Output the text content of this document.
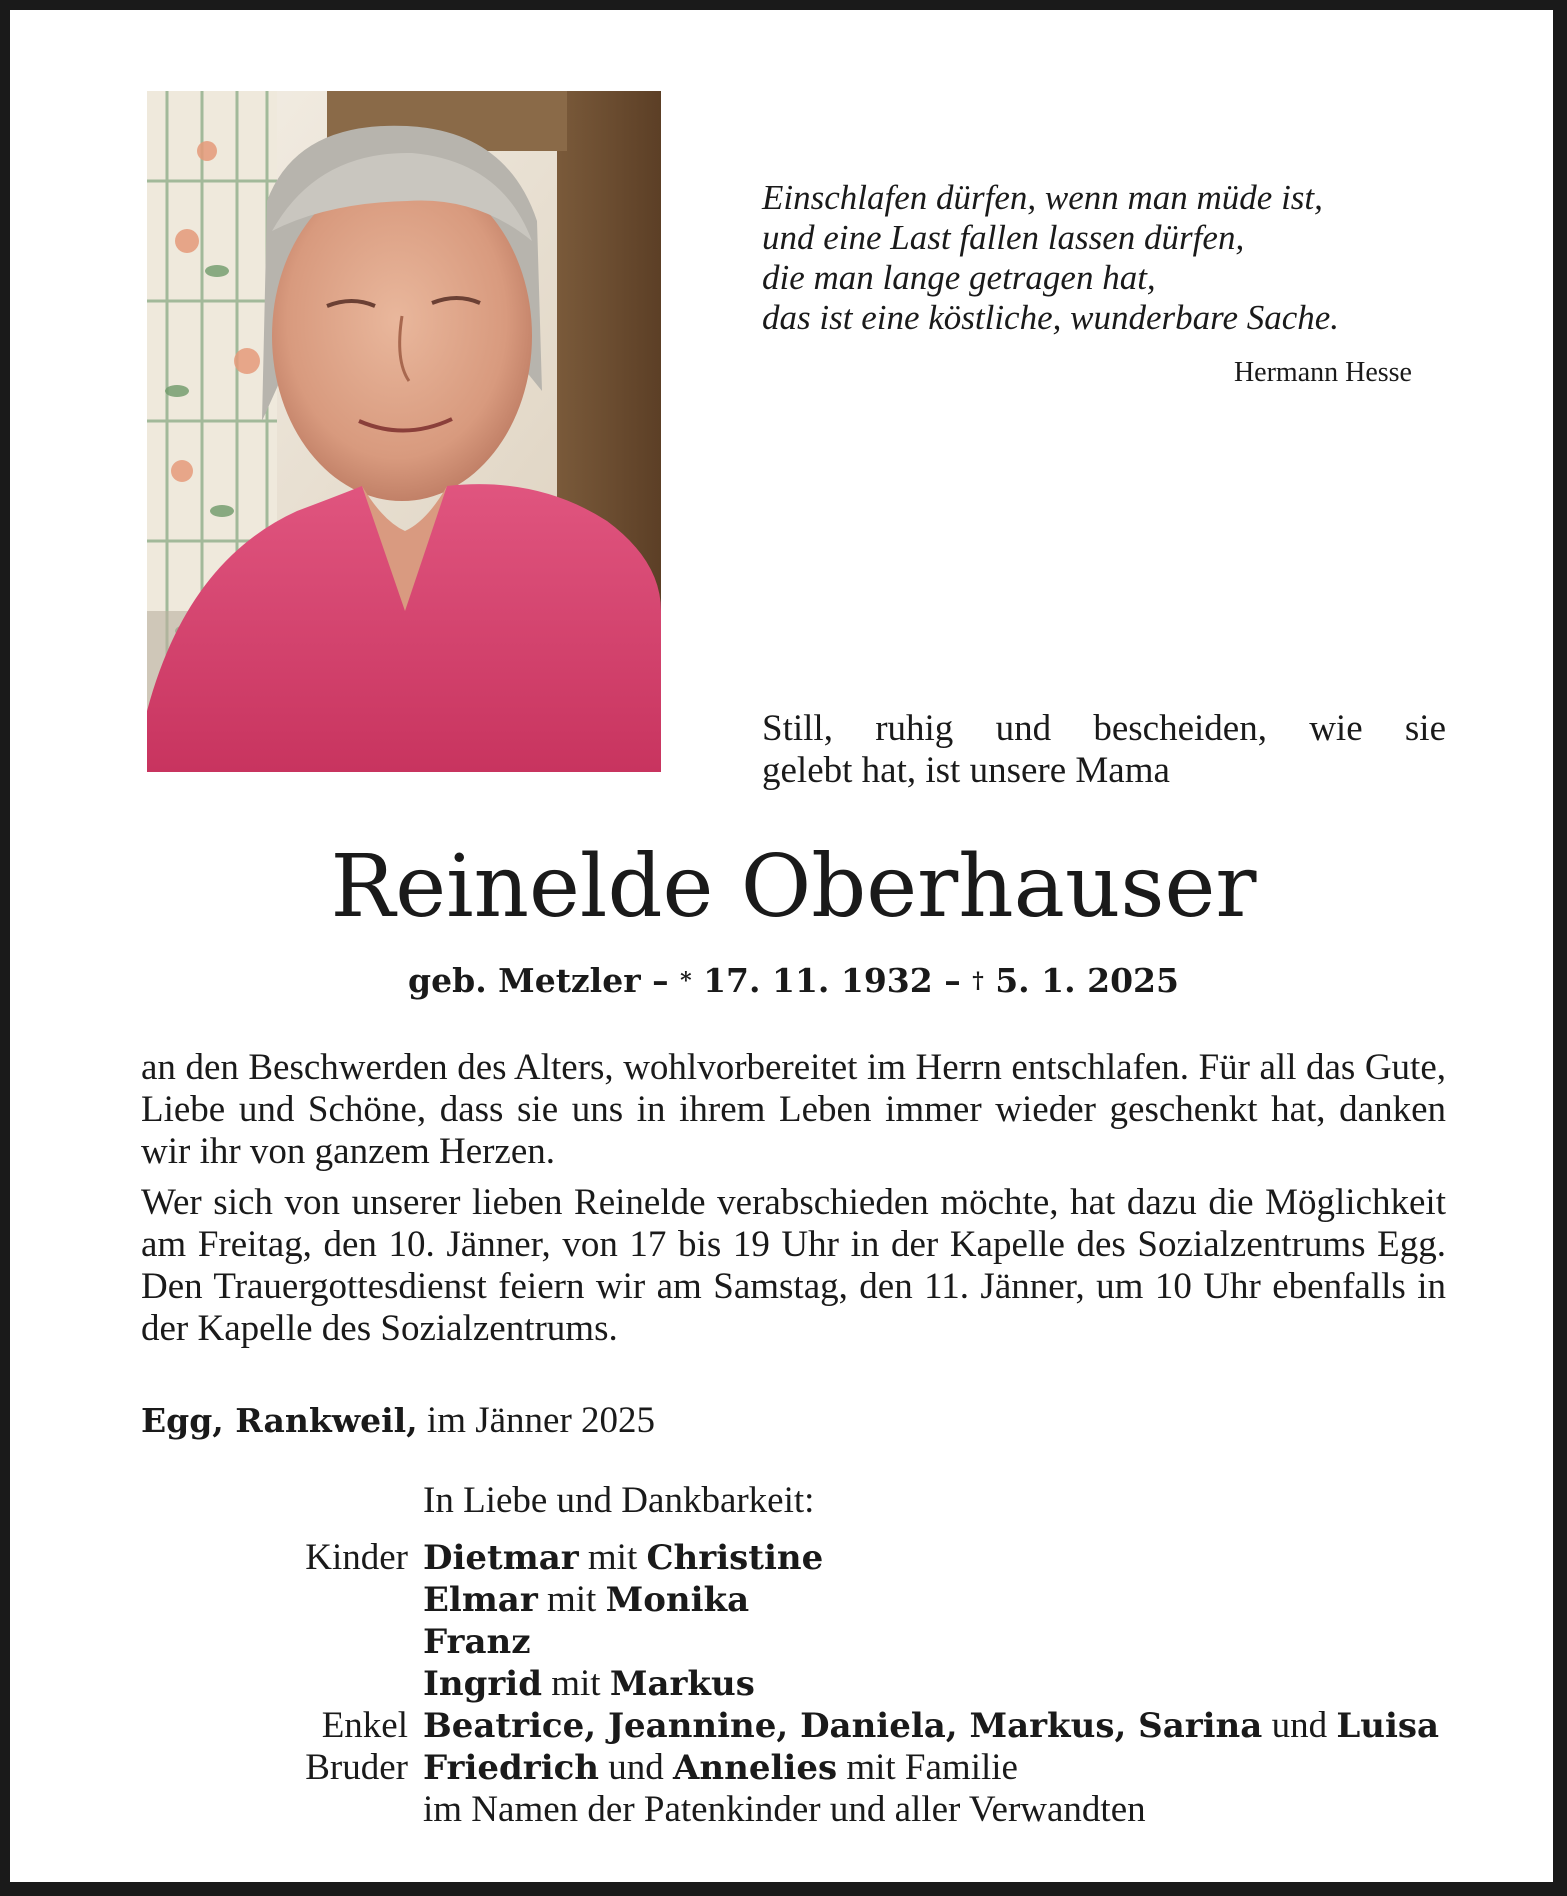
Einschlafen dürfen, wenn man müde ist,
und eine Last fallen lassen dürfen,
die man lange getragen hat,
das ist eine köstliche, wunderbare Sache.
Hermann Hesse
Still, ruhig und bescheiden, wie sie
gelebt hat, ist unsere Mama
Reinelde Oberhauser
geb. Metzler – * 17. 11. 1932 – † 5. 1. 2025

an den Beschwerden des Alters, wohlvorbereitet im Herrn entschlafen. Für all das Gute, Liebe und Schöne, dass sie uns in ihrem Leben immer wieder geschenkt hat, danken wir ihr von ganzem Herzen.

Wer sich von unserer lieben Reinelde verabschieden möchte, hat dazu die Möglichkeit am Freitag, den 10. Jänner, von 17 bis 19 Uhr in der Kapelle des Sozialzentrums Egg. Den Trauergottesdienst feiern wir am Samstag, den 11. Jänner, um 10 Uhr ebenfalls in der Kapelle des Sozialzentrums.

Egg, Rankweil, im Jänner 2025
In Liebe und Dankbarkeit:
Kinder Dietmar mit Christine
Elmar mit Monika
Franz
Ingrid mit Markus
Enkel Beatrice, Jeannine, Daniela, Markus, Sarina und Luisa
Bruder Friedrich und Annelies mit Familie
im Namen der Patenkinder und aller Verwandten
